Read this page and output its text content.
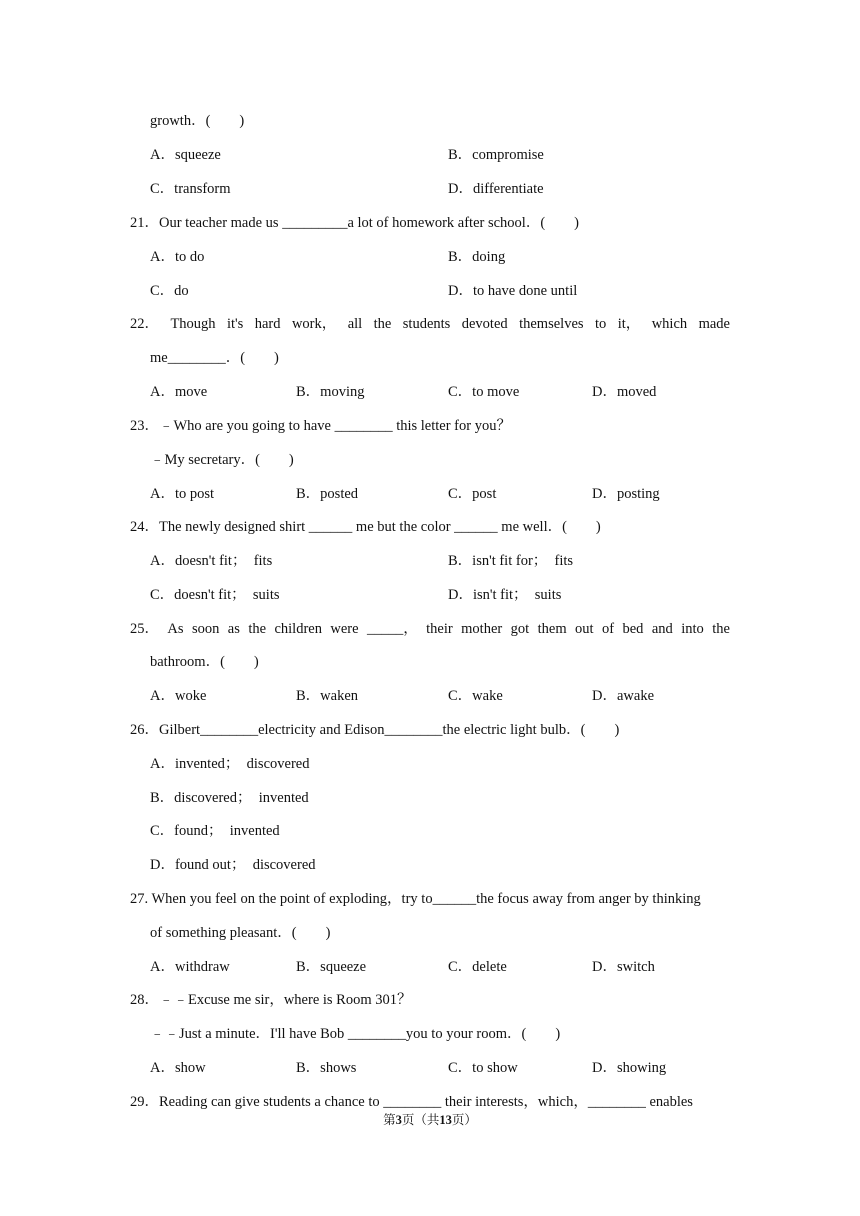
growth．(　　)
A．squeeze	B．compromise
C．transform	D．differentiate
21．Our teacher made us _________a lot of homework after school．(　　)
A．to do	B．doing
C．do	D．to have done until
22． Though it's hard work， all the students devoted themselves to it， which made
me________．(　　)
A．move	B．moving	C．to move	D．moved
23．﹣Who are you going to have ________ this letter for you？
﹣My secretary．(　　)
A．to post	B．posted	C．post	D．posting
24．The newly designed shirt ______ me but the color ______ me well．(　　)
A．doesn't fit；　fits	B．isn't fit for；　fits
C．doesn't fit；　suits	D．isn't fit；　suits
25． As soon as the children were _____， their mother got them out of bed and into the
bathroom．(　　)
A．woke	B．waken	C．wake	D．awake
26．Gilbert________electricity and Edison________the electric light bulb．(　　)
A．invented；　discovered
B．discovered；　invented
C．found；　invented
D．found out；　discovered
27. When you feel on the point of exploding，try to______the focus away from anger by thinking
of something pleasant．(　　)
A．withdraw	B．squeeze	C．delete	D．switch
28．﹣﹣Excuse me sir，where is Room 301？
﹣﹣Just a minute．I'll have Bob ________you to your room．(　　)
A．show	B．shows	C．to show	D．showing
29．Reading can give students a chance to ________ their interests，which，________ enables
第3页（共13页）
